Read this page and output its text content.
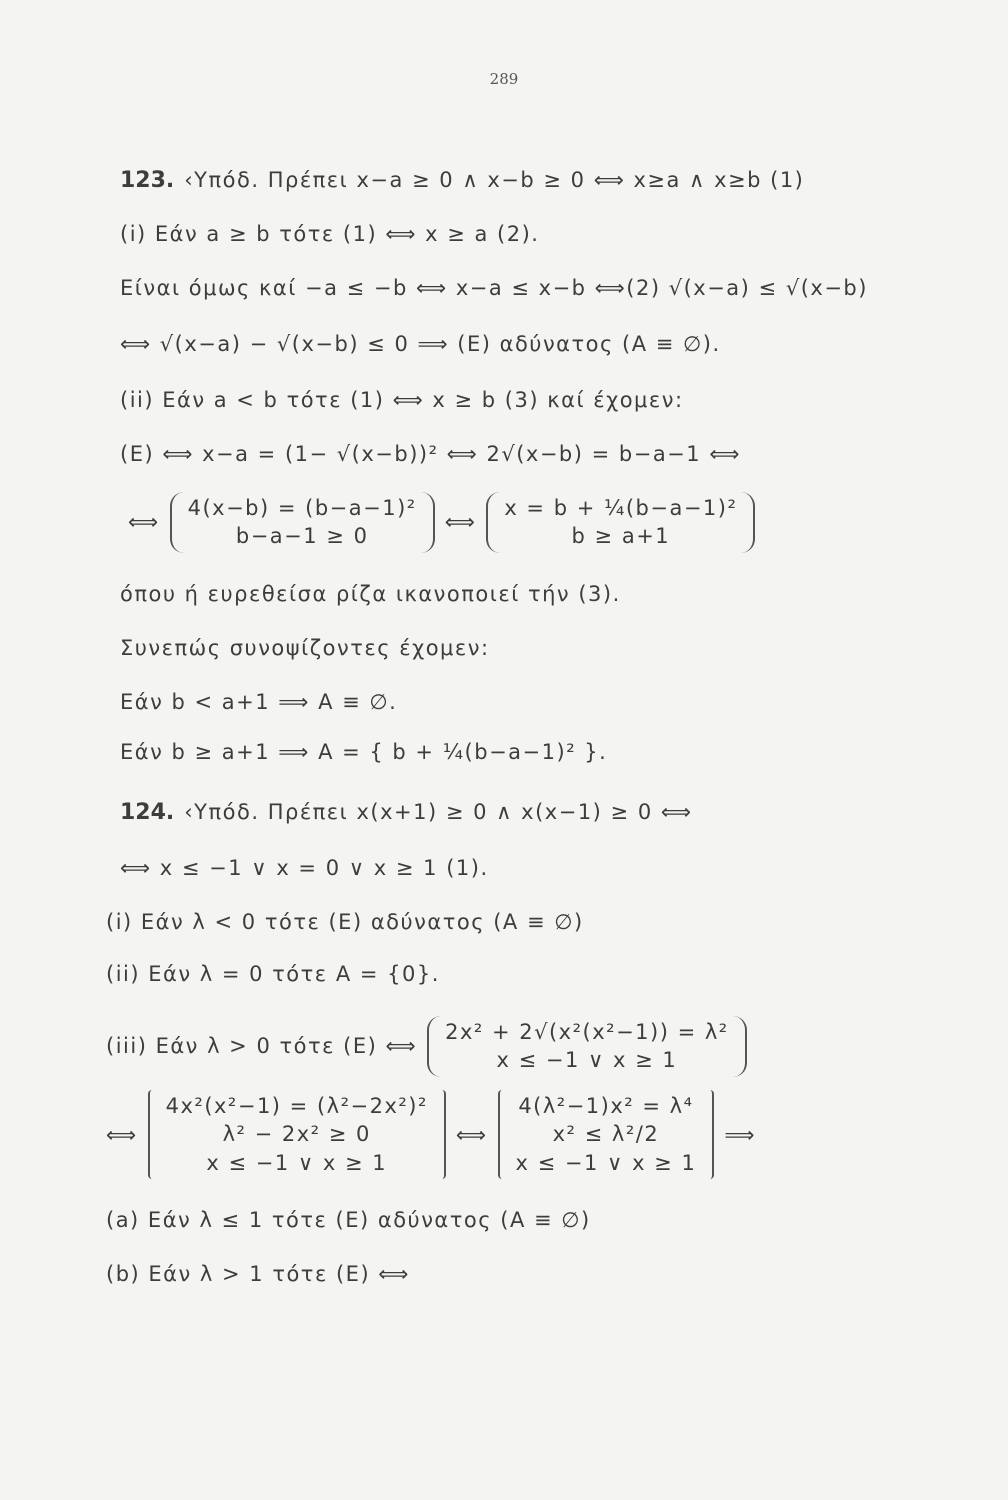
289
123. ‹Υπόδ. Πρέπει x−a ≥ 0 ∧ x−b ≥ 0 ⟺ x≥a ∧ x≥b (1)
(i) Εάν a ≥ b τότε (1) ⟺ x ≥ a (2).
Είναι όμως καί −a ≤ −b ⟺ x−a ≤ x−b ⟺(2) √(x−a) ≤ √(x−b)
⟺ √(x−a) − √(x−b) ≤ 0 ⟹ (E) αδύνατος (A ≡ ∅).
(ii) Εάν a < b τότε (1) ⟺ x ≥ b (3) καί έχομεν:
(E) ⟺ x−a = (1− √(x−b))² ⟺ 2√(x−b) = b−a−1 ⟺
⟺
4(x−b) = (b−a−1)²
b−a−1 ≥ 0
⟺
x = b + ¼(b−a−1)²
b ≥ a+1
όπου ή ευρεθείσα ρίζα ικανοποιεί τήν (3).
Συνεπώς συνοψίζοντες έχομεν:
Εάν b < a+1 ⟹ A ≡ ∅.
Εάν b ≥ a+1 ⟹ A = { b + ¼(b−a−1)² }.
124. ‹Υπόδ. Πρέπει x(x+1) ≥ 0 ∧ x(x−1) ≥ 0 ⟺
⟺ x ≤ −1 ∨ x = 0 ∨ x ≥ 1 (1).
(i) Εάν λ < 0 τότε (E) αδύνατος (A ≡ ∅)
(ii) Εάν λ = 0 τότε A = {0}.
(iii) Εάν λ > 0 τότε (E) ⟺
2x² + 2√(x²(x²−1)) = λ²
x ≤ −1 ∨ x ≥ 1
⟺
4x²(x²−1) = (λ²−2x²)²
λ² − 2x² ≥ 0
x ≤ −1 ∨ x ≥ 1
⟺
4(λ²−1)x² = λ⁴
x² ≤ λ²/2
x ≤ −1 ∨ x ≥ 1
⟹
(a) Εάν λ ≤ 1 τότε (E) αδύνατος (A ≡ ∅)
(b) Εάν λ > 1 τότε (E) ⟺
